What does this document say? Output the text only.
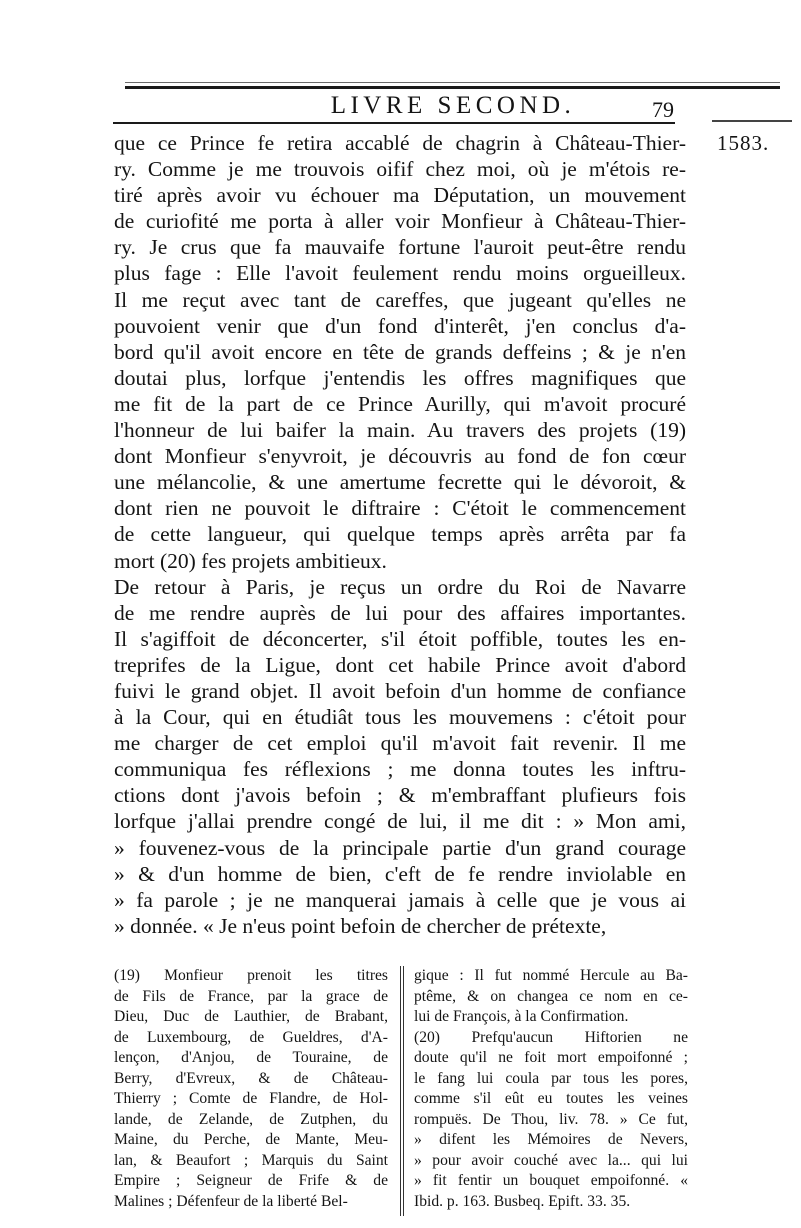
LIVRE SECOND.	79
1583.
que ce Prince fe retira accablé de chagrin à Château-Thier-
ry. Comme je me trouvois oifif chez moi, où je m'étois re-
tiré après avoir vu échouer ma Députation, un mouvement
de curiofité me porta à aller voir Monfieur à Château-Thier-
ry. Je crus que fa mauvaife fortune l'auroit peut-être rendu
plus fage : Elle l'avoit feulement rendu moins orgueilleux.
Il me reçut avec tant de careffes, que jugeant qu'elles ne
pouvoient venir que d'un fond d'interêt, j'en conclus d'a-
bord qu'il avoit encore en tête de grands deffeins ; & je n'en
doutai plus, lorfque j'entendis les offres magnifiques que
me fit de la part de ce Prince Aurilly, qui m'avoit procuré
l'honneur de lui baifer la main. Au travers des projets (19)
dont Monfieur s'enyvroit, je découvris au fond de fon cœur
une mélancolie, & une amertume fecrette qui le dévoroit, &
dont rien ne pouvoit le diftraire : C'étoit le commencement
de cette langueur, qui quelque temps après arrêta par fa
mort (20) fes projets ambitieux.
De retour à Paris, je reçus un ordre du Roi de Navarre
de me rendre auprès de lui pour des affaires importantes.
Il s'agiffoit de déconcerter, s'il étoit poffible, toutes les en-
treprifes de la Ligue, dont cet habile Prince avoit d'abord
fuivi le grand objet. Il avoit befoin d'un homme de confiance
à la Cour, qui en étudiât tous les mouvemens : c'étoit pour
me charger de cet emploi qu'il m'avoit fait revenir. Il me
communiqua fes réflexions ; me donna toutes les inftru-
ctions dont j'avois befoin ; & m'embraffant plufieurs fois
lorfque j'allai prendre congé de lui, il me dit : » Mon ami,
» fouvenez-vous de la principale partie d'un grand courage
» & d'un homme de bien, c'eft de fe rendre inviolable en
» fa parole ; je ne manquerai jamais à celle que je vous ai
» donnée. « Je n'eus point befoin de chercher de prétexte,
(19) Monfieur prenoit les titres
de Fils de France, par la grace de
Dieu, Duc de Lauthier, de Brabant,
de Luxembourg, de Gueldres, d'A-
lençon, d'Anjou, de Touraine, de
Berry, d'Evreux, & de Château-
Thierry ; Comte de Flandre, de Hol-
lande, de Zelande, de Zutphen, du
Maine, du Perche, de Mante, Meu-
lan, & Beaufort ; Marquis du Saint
Empire ; Seigneur de Frife & de
Malines ; Défenfeur de la liberté Bel-
gique : Il fut nommé Hercule au Ba-
ptême, & on changea ce nom en ce-
lui de François, à la Confirmation.
(20) Prefqu'aucun Hiftorien ne
doute qu'il ne foit mort empoifonné ;
le fang lui coula par tous les pores,
comme s'il eût eu toutes les veines
rompuës. De Thou, liv. 78. » Ce fut,
» difent les Mémoires de Nevers,
» pour avoir couché avec la... qui lui
» fit fentir un bouquet empoifonné. «
Ibid. p. 163. Busbeq. Epift. 33. 35.
